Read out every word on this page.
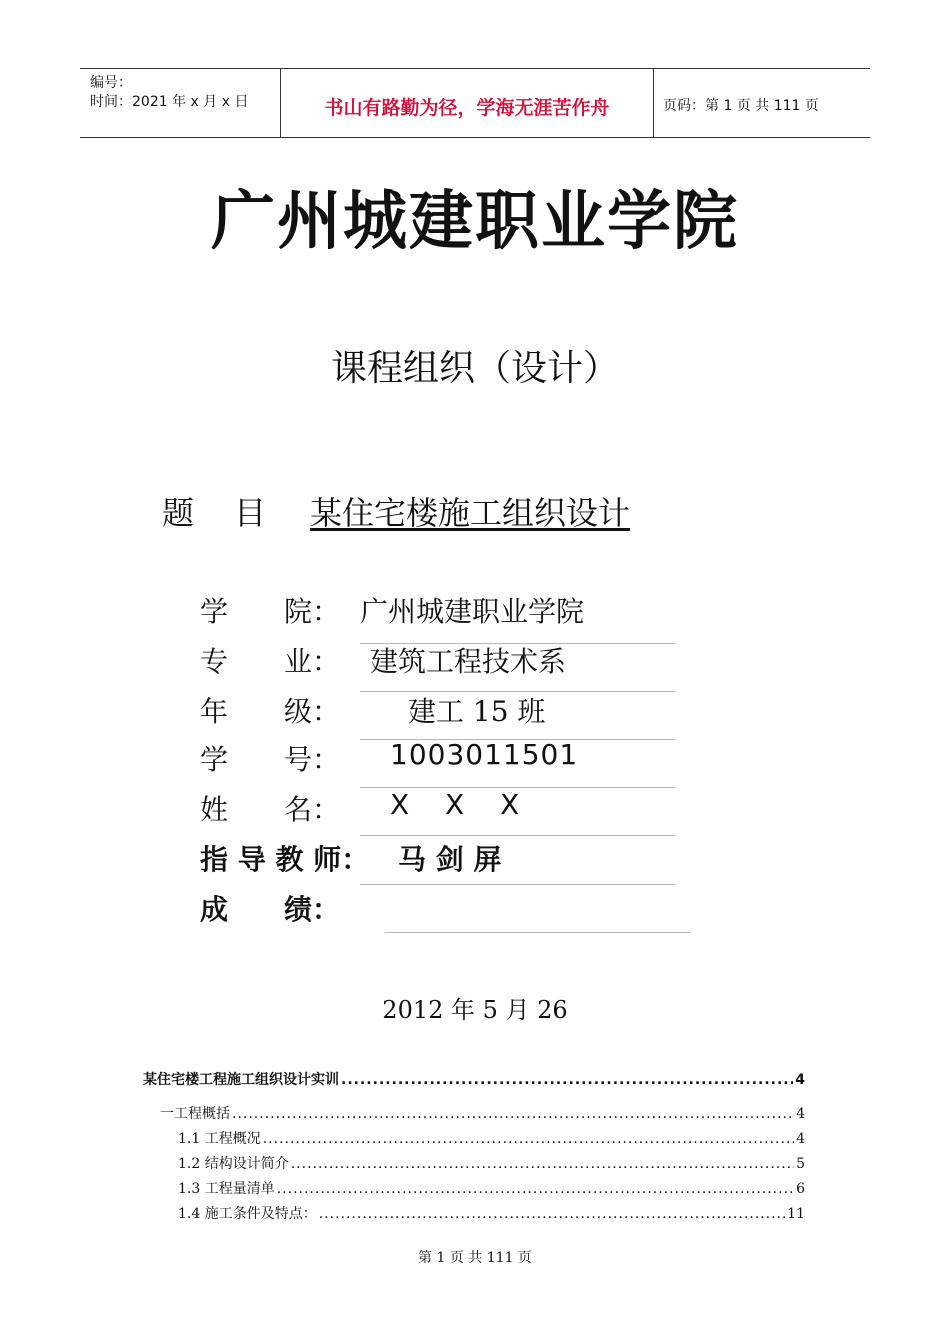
编号：
时间：2021 年 x 月 x 日	书山有路勤为径，学海无涯苦作舟	页码：第 1 页 共 111 页
广州城建职业学院
课程组织（设计）
题 目 某住宅楼施工组织设计
学　　院： 广州城建职业学院
专　　业： 建筑工程技术系
年　　级： 建工 15 班
学　　号： 1003011501
姓　　名： X  X  X
指 导 教 师： 马 剑 屏
成　　绩：
2012 年 5 月 26
某住宅楼工程施工组织设计实训 .....	4
一工程概括 .....	4
1.1 工程概况 .....	4
1.2 结构设计简介 .....	5
1.3 工程量清单 .....	6
1.4 施工条件及特点： .....	11
第 1 页 共 111 页
